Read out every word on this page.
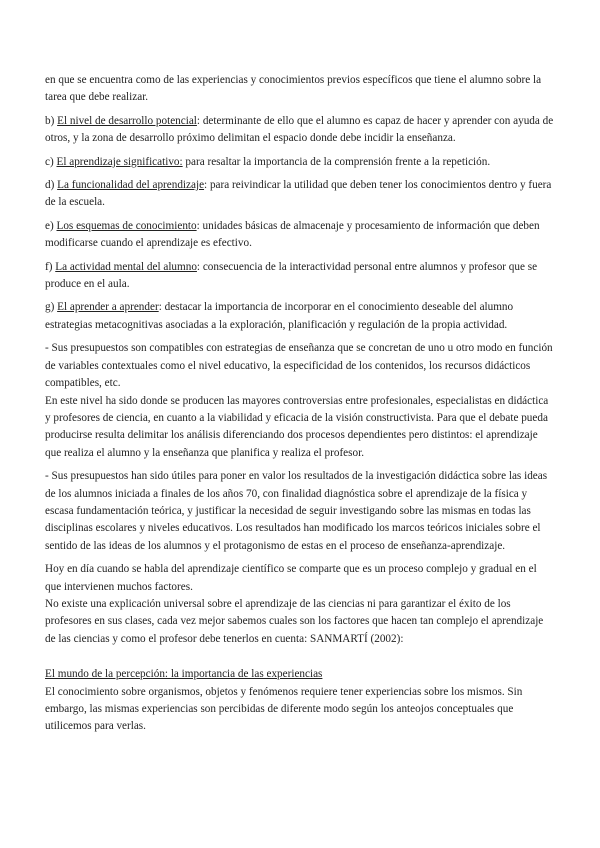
en que se encuentra como de las experiencias y conocimientos previos específicos que tiene el alumno sobre la tarea que debe realizar.

b) El nivel de desarrollo potencial: determinante de ello que el alumno es capaz de hacer y aprender con ayuda de otros, y la zona de desarrollo próximo delimitan el espacio donde debe incidir la enseñanza.

c) El aprendizaje significativo: para resaltar la importancia de la comprensión frente a la repetición.

d) La funcionalidad del aprendizaje: para reivindicar la utilidad que deben tener los conocimientos dentro y fuera de la escuela.

e) Los esquemas de conocimiento: unidades básicas de almacenaje y procesamiento de información que deben modificarse cuando el aprendizaje es efectivo.

f) La actividad mental del alumno: consecuencia de la interactividad personal entre alumnos y profesor que se produce en el aula.

g) El aprender a aprender: destacar la importancia de incorporar en el conocimiento deseable del alumno estrategias metacognitivas asociadas a la exploración, planificación y regulación de la propia actividad.

- Sus presupuestos son compatibles con estrategias de enseñanza que se concretan de uno u otro modo en función de variables contextuales como el nivel educativo, la especificidad de los contenidos, los recursos didácticos compatibles, etc.
En este nivel ha sido donde se producen las mayores controversias entre profesionales, especialistas en didáctica y profesores de ciencia, en cuanto a la viabilidad y eficacia de la visión constructivista. Para que el debate pueda producirse resulta delimitar los análisis diferenciando dos procesos dependientes pero distintos: el aprendizaje que realiza el alumno y la enseñanza que planifica y realiza el profesor.

- Sus presupuestos han sido útiles para poner en valor los resultados de la investigación didáctica sobre las ideas de los alumnos iniciada a finales de los años 70, con finalidad diagnóstica sobre el aprendizaje de la física y escasa fundamentación teórica, y justificar la necesidad de seguir investigando sobre las mismas en todas las disciplinas escolares y niveles educativos. Los resultados han modificado los marcos teóricos iniciales sobre el sentido de las ideas de los alumnos y el protagonismo de estas en el proceso de enseñanza-aprendizaje.

Hoy en día cuando se habla del aprendizaje científico se comparte que es un proceso complejo y gradual en el que intervienen muchos factores.
No existe una explicación universal sobre el aprendizaje de las ciencias ni para garantizar el éxito de los profesores en sus clases, cada vez mejor sabemos cuales son los factores que hacen tan complejo el aprendizaje de las ciencias y como el profesor debe tenerlos en cuenta: SANMARTÍ (2002):

El mundo de la percepción: la importancia de las experiencias
El conocimiento sobre organismos, objetos y fenómenos requiere tener experiencias sobre los mismos. Sin embargo, las mismas experiencias son percibidas de diferente modo según los anteojos conceptuales que utilicemos para verlas.
